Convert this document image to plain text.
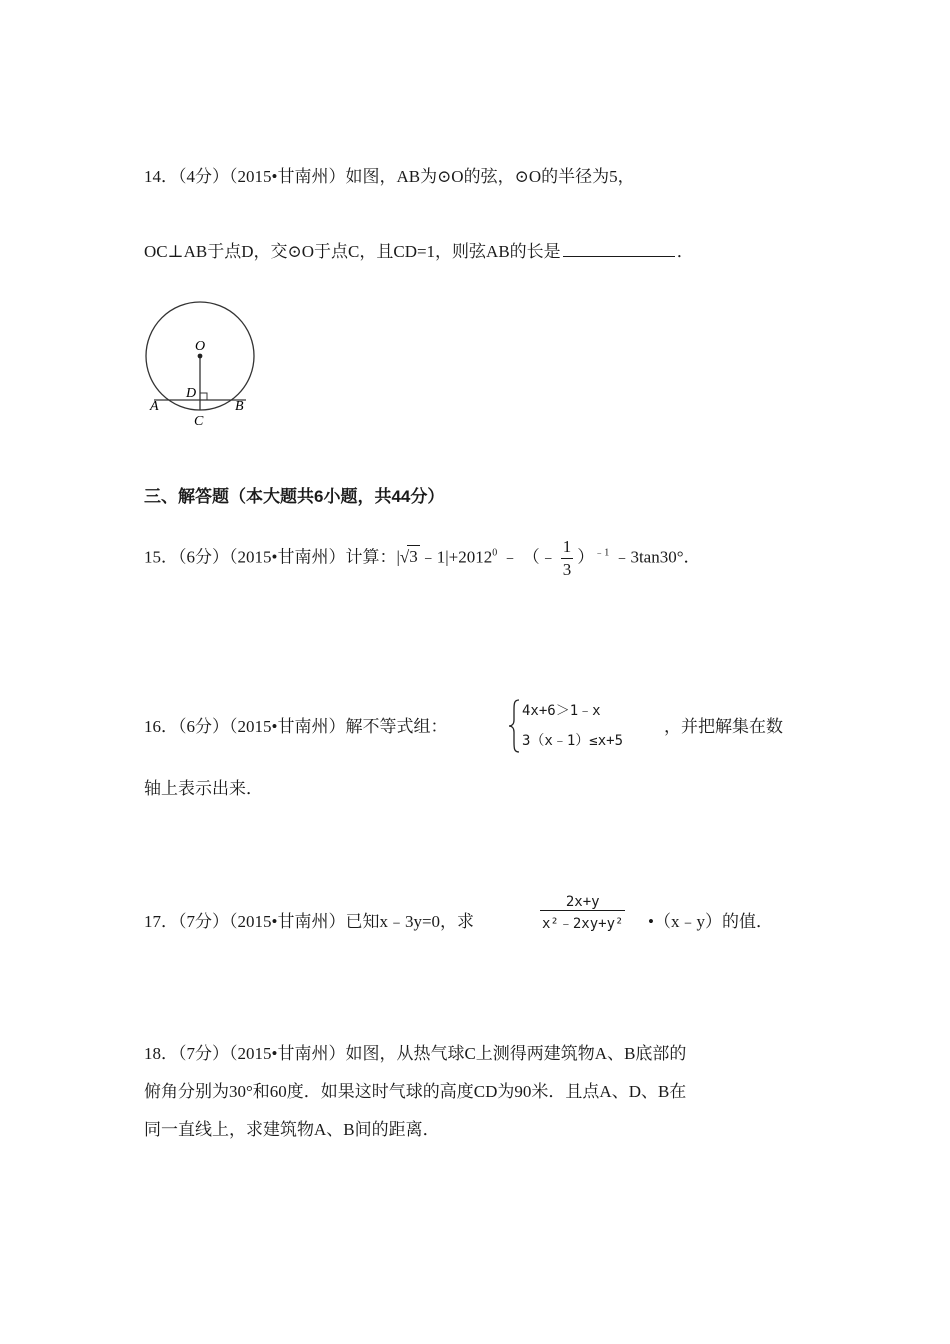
14．（4分）（2015•甘南州）如图，AB为⊙O的弦，⊙O的半径为5，
OC⊥AB于点D，交⊙O于点C，且CD=1，则弦AB的长是	．
O
D
A	B
C
三、解答题（本大题共6小题，共44分）
15．（6分）（2015•甘南州）计算：|√3 $﹣1|+2012^0$ ﹣ （﹣ $\frac{1}{3} )^{﹣1}$ ﹣3tan30°．
16．（6分）（2015•甘南州）解不等式组：
4x+6＞1﹣x
3（x﹣1）≤x+5
，并把解集在数
轴上表示出来．
17．（7分）（2015•甘南州）已知x﹣3y=0，求	$\frac{2x+y}{\text{x²﹣2xy+y²}}$ •（x﹣y）的值．
18．（7分）（2015•甘南州）如图，从热气球C上测得两建筑物A、B底部的
俯角分别为30°和60度．如果这时气球的高度CD为90米．且点A、D、B在
同一直线上，求建筑物A、B间的距离．
